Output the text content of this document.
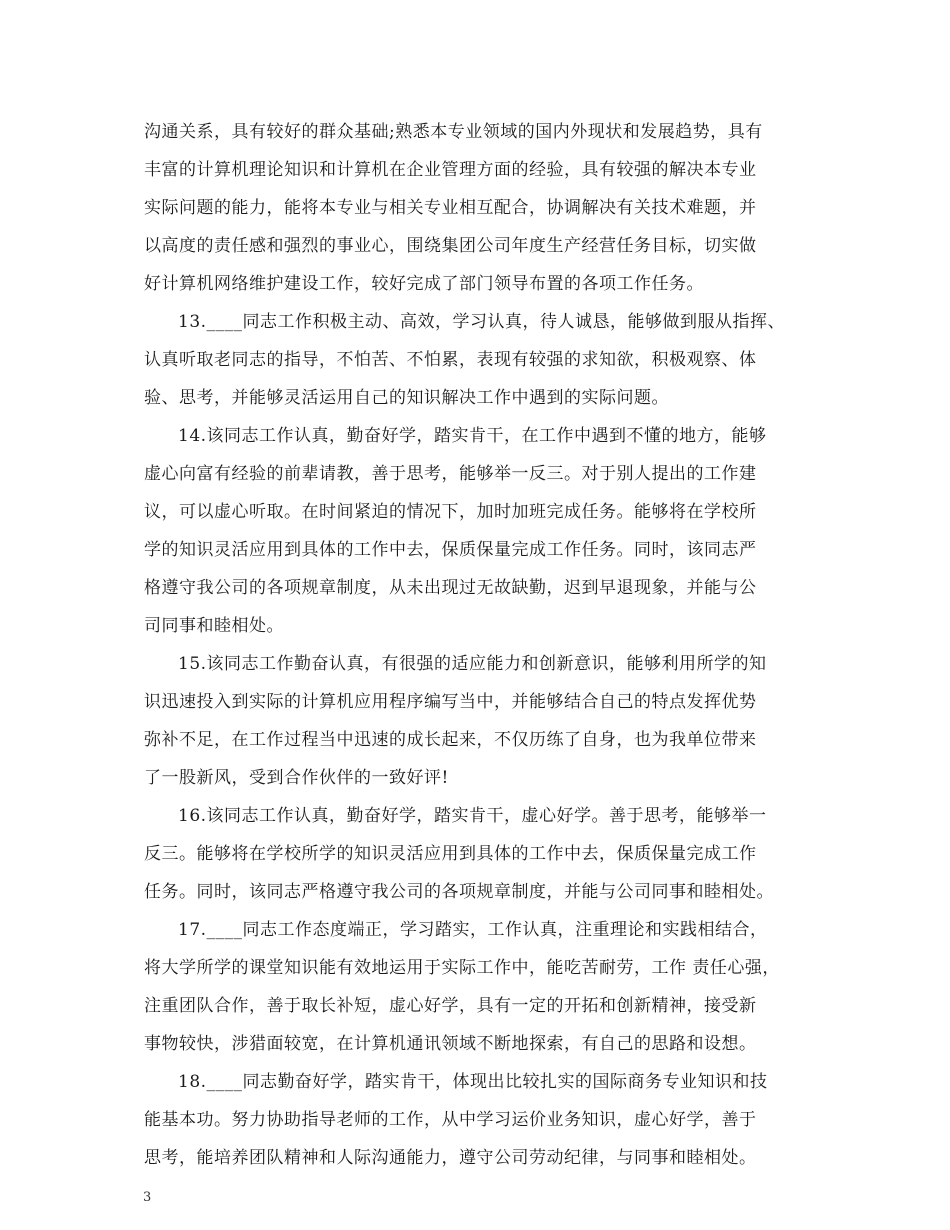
沟通关系，具有较好的群众基础;熟悉本专业领域的国内外现状和发展趋势，具有
丰富的计算机理论知识和计算机在企业管理方面的经验，具有较强的解决本专业
实际问题的能力，能将本专业与相关专业相互配合，协调解决有关技术难题，并
以高度的责任感和强烈的事业心，围绕集团公司年度生产经营任务目标，切实做
好计算机网络维护建设工作，较好完成了部门领导布置的各项工作任务。
13.____同志工作积极主动、高效，学习认真，待人诚恳，能够做到服从指挥、
认真听取老同志的指导，不怕苦、不怕累，表现有较强的求知欲，积极观察、体
验、思考，并能够灵活运用自己的知识解决工作中遇到的实际问题。
14.该同志工作认真，勤奋好学，踏实肯干，在工作中遇到不懂的地方，能够
虚心向富有经验的前辈请教，善于思考，能够举一反三。对于别人提出的工作建
议，可以虚心听取。在时间紧迫的情况下，加时加班完成任务。能够将在学校所
学的知识灵活应用到具体的工作中去，保质保量完成工作任务。同时，该同志严
格遵守我公司的各项规章制度，从未出现过无故缺勤，迟到早退现象，并能与公
司同事和睦相处。
15.该同志工作勤奋认真，有很强的适应能力和创新意识，能够利用所学的知
识迅速投入到实际的计算机应用程序编写当中，并能够结合自己的特点发挥优势
弥补不足，在工作过程当中迅速的成长起来，不仅历练了自身，也为我单位带来
了一股新风，受到合作伙伴的一致好评!
16.该同志工作认真，勤奋好学，踏实肯干，虚心好学。善于思考，能够举一
反三。能够将在学校所学的知识灵活应用到具体的工作中去，保质保量完成工作
任务。同时，该同志严格遵守我公司的各项规章制度，并能与公司同事和睦相处。
17.____同志工作态度端正，学习踏实，工作认真，注重理论和实践相结合，
将大学所学的课堂知识能有效地运用于实际工作中，能吃苦耐劳，工作 责任心强，
注重团队合作，善于取长补短，虚心好学，具有一定的开拓和创新精神，接受新
事物较快，涉猎面较宽，在计算机通讯领域不断地探索，有自己的思路和设想。
18.____同志勤奋好学，踏实肯干，体现出比较扎实的国际商务专业知识和技
能基本功。努力协助指导老师的工作，从中学习运价业务知识，虚心好学，善于
思考，能培养团队精神和人际沟通能力，遵守公司劳动纪律，与同事和睦相处。
3
